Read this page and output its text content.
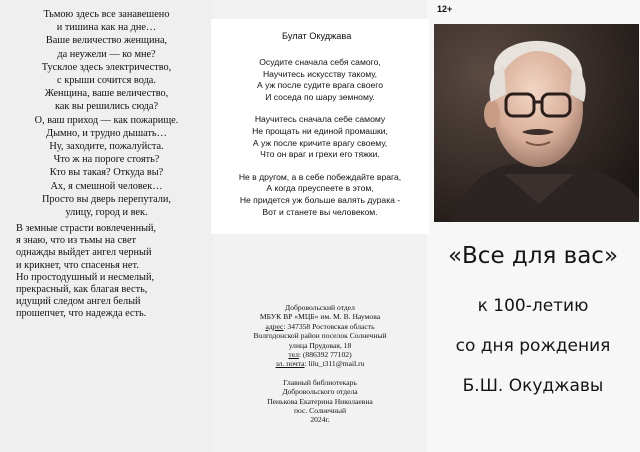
Тьмою здесь все занавешено
и тишина как на дне…
Ваше величество женщина,
да неужели — ко мне?
Тусклое здесь электричество,
с крыши сочится вода.
Женщина, ваше величество,
как вы решились сюда?
О, ваш приход — как пожарище.
Дымно, и трудно дышать…
Ну, заходите, пожалуйста.
Что ж на пороге стоять?
Кто вы такая? Откуда вы?
Ах, я смешной человек…
Просто вы дверь перепутали,
улицу, город и век.
В земные страсти вовлеченный,
я знаю, что из тьмы на свет
однажды выйдет ангел черный
и крикнет, что спасенья нет.
Но простодушный и несмелый,
прекрасный, как благая весть,
идущий следом ангел белый
прошепчет, что надежда есть.
Булат Окуджава
Осудите сначала себя самого,
Научитесь искусству такому,
А уж после судите врага своего
И соседа по шару земному.
Научитесь сначала себе самому
Не прощать ни единой промашки,
А уж после кричите врагу своему,
Что он враг и грехи его тяжки.
Не в другом, а в себе побеждайте врага,
А когда преуспеете в этом,
Не придется уж больше валять дурака -
Вот и станете вы человеком.
Добровольский отдел
МБУК ВР «МЦБ» им. М. В. Наумова
адрес: 347358 Ростовская область
Волгодонской район поселок Солнечный
улица Прудовая, 18
тел: (886392 77102)
эл. почта: lilu_t311@mail.ru
Главный библиотекарь
Добровольского отдела
Пенькова Екатерина Николаевна
пос. Солнечный
2024г.
12+
«Все для вас»
к 100-летию
со дня рождения
Б.Ш. Окуджавы
